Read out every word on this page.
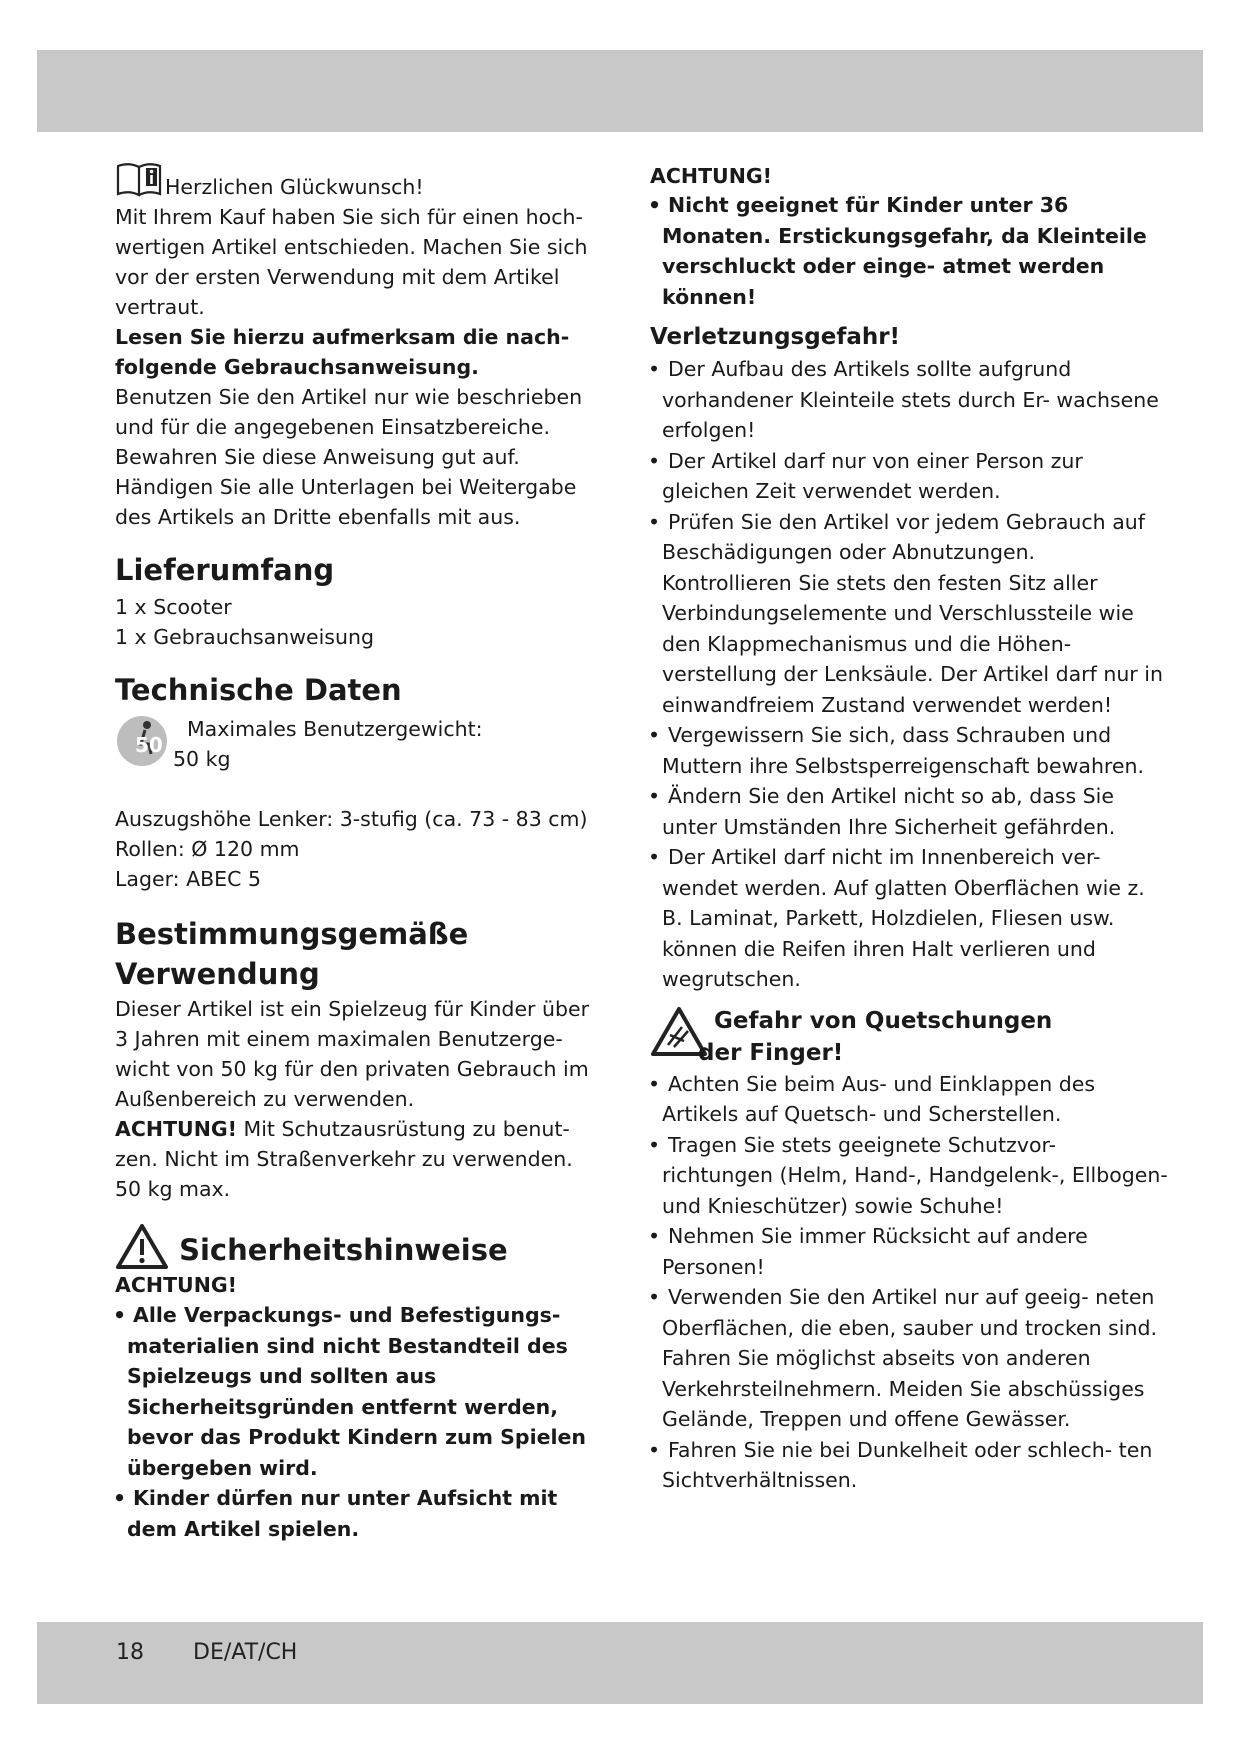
Herzlichen Glückwunsch!

Mit Ihrem Kauf haben Sie sich für einen hoch-

wertigen Artikel entschieden. Machen Sie sich

vor der ersten Verwendung mit dem Artikel

vertraut.

Lesen Sie hierzu aufmerksam die nach-

folgende Gebrauchsanweisung.

Benutzen Sie den Artikel nur wie beschrieben

und für die angegebenen Einsatzbereiche.

Bewahren Sie diese Anweisung gut auf.

Händigen Sie alle Unterlagen bei Weitergabe

des Artikels an Dritte ebenfalls mit aus.

Lieferumfang

1 x Scooter

1 x Gebrauchsanweisung

Technische Daten
50

Maximales Benutzergewicht:

50 kg

Auszugshöhe Lenker: 3-stufig (ca. 73 - 83 cm)

Rollen: Ø 120 mm

Lager: ABEC 5

Bestimmungsgemäße
Verwendung

Dieser Artikel ist ein Spielzeug für Kinder über

3 Jahren mit einem maximalen Benutzerge-

wicht von 50 kg für den privaten Gebrauch im

Außenbereich zu verwenden.

ACHTUNG! Mit Schutzausrüstung zu benut-

zen. Nicht im Straßenverkehr zu verwenden.

50 kg max.

Sicherheitshinweise

ACHTUNG!

• Alle Verpackungs- und Befestigungs- materialien sind nicht Bestandteil des Spielzeugs und sollten aus Sicherheitsgründen entfernt werden, bevor das Produkt Kindern zum Spielen übergeben wird.
• Kinder dürfen nur unter Aufsicht mit dem Artikel spielen.

ACHTUNG!

• Nicht geeignet für Kinder unter 36 Monaten. Erstickungsgefahr, da Kleinteile verschluckt oder einge- atmet werden können!

Verletzungsgefahr!

• Der Aufbau des Artikels sollte aufgrund vorhandener Kleinteile stets durch Er- wachsene erfolgen!
• Der Artikel darf nur von einer Person zur gleichen Zeit verwendet werden.
• Prüfen Sie den Artikel vor jedem Gebrauch auf Beschädigungen oder Abnutzungen. Kontrollieren Sie stets den festen Sitz aller Verbindungselemente und Verschlussteile wie den Klappmechanismus und die Höhen- verstellung der Lenksäule. Der Artikel darf nur in einwandfreiem Zustand verwendet werden!
• Vergewissern Sie sich, dass Schrauben und Muttern ihre Selbstsperreigenschaft bewahren.
• Ändern Sie den Artikel nicht so ab, dass Sie unter Umständen Ihre Sicherheit gefährden.
• Der Artikel darf nicht im Innenbereich ver- wendet werden. Auf glatten Oberflächen wie z. B. Laminat, Parkett, Holzdielen, Fliesen usw. können die Reifen ihren Halt verlieren und wegrutschen.

Gefahr von Quetschungen

der Finger!

• Achten Sie beim Aus- und Einklappen des Artikels auf Quetsch- und Scherstellen.
• Tragen Sie stets geeignete Schutzvor- richtungen (Helm, Hand-, Handgelenk-, Ellbogen- und Knieschützer) sowie Schuhe!
• Nehmen Sie immer Rücksicht auf andere Personen!
• Verwenden Sie den Artikel nur auf geeig- neten Oberflächen, die eben, sauber und trocken sind. Fahren Sie möglichst abseits von anderen Verkehrsteilnehmern. Meiden Sie abschüssiges Gelände, Treppen und offene Gewässer.
• Fahren Sie nie bei Dunkelheit oder schlech- ten Sichtverhältnissen.
18 DE/AT/CH
